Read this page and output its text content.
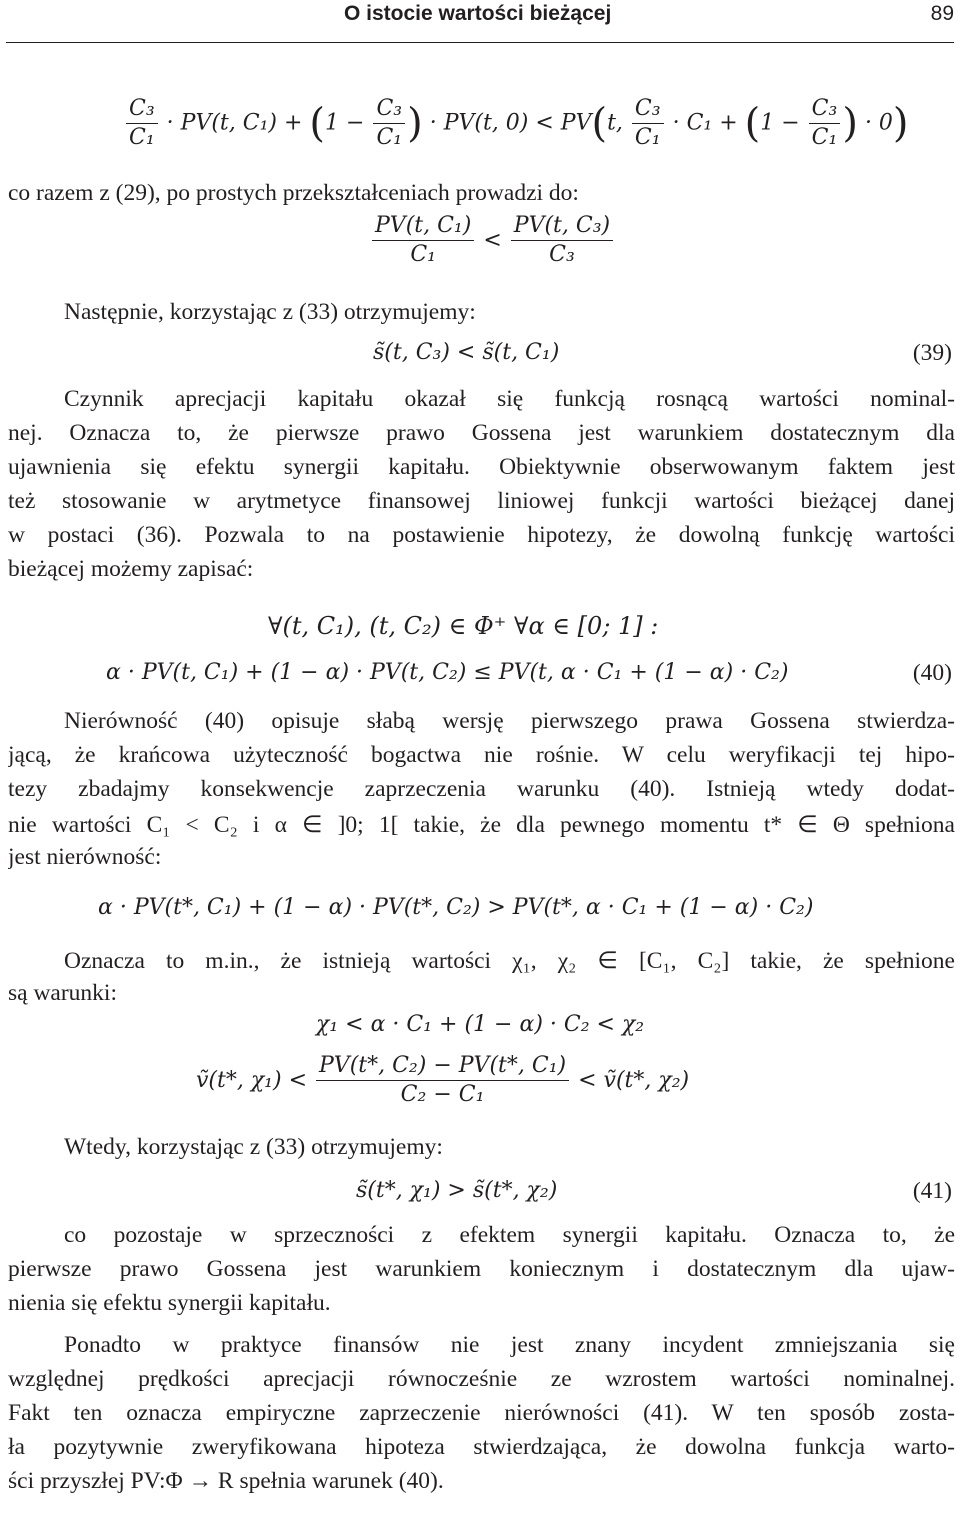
O istocie wartości bieżącej	89
$\frac{\text{C₃}}{\text{C₁}} \cdot PV(t$, $C_1) + (1 - \frac{\text{C₃}}{\text{C₁}}$ ) · PV(t, 0) < PV(t, $\frac{\text{C₃}}{\text{C₁}} \cdot C_1 + (1 - \frac{\text{C₃}}{\text{C₁}}$ ) · 0)
co razem z (29), po prostych przekształceniach prowadzi do:
$\frac{\text{PV(t, C₁)}}{\text{C₁}} < \frac{\text{PV(t, C₃)}}{\text{C₃}}$
Następnie, korzystając z (33) otrzymujemy:
s̃(t, C₃) < s̃(t, C₁)	(39)
Czynnik aprecjacji kapitału okazał się funkcją rosnącą wartości nominal-
nej. Oznacza to, że pierwsze prawo Gossena jest warunkiem dostatecznym dla
ujawnienia się efektu synergii kapitału. Obiektywnie obserwowanym faktem jest
też stosowanie w arytmetyce finansowej liniowej funkcji wartości bieżącej danej
w postaci (36). Pozwala to na postawienie hipotezy, że dowolną funkcję wartości
bieżącej możemy zapisać:
∀(t, C₁), (t, C₂) ∈ Φ⁺ ∀α ∈ [0; 1] :
α · PV(t, C₁) + (1 − α) · PV(t, C₂) ≤ PV(t, α · C₁ + (1 − α) · C₂)	(40)
Nierówność (40) opisuje słabą wersję pierwszego prawa Gossena stwierdza-
jącą, że krańcowa użyteczność bogactwa nie rośnie. W celu weryfikacji tej hipo-
tezy zbadajmy konsekwencje zaprzeczenia warunku (40). Istnieją wtedy dodat-
nie wartości C₁ < C₂ i α ∈ ]0; 1[ takie, że dla pewnego momentu t* ∈ Θ spełniona
jest nierówność:
α · PV(t*, C₁) + (1 − α) · PV(t*, C₂) > PV(t*, α · C₁ + (1 − α) · C₂)
Oznacza to m.in., że istnieją wartości χ₁, χ₂ ∈ [C₁, C₂] takie, że spełnione
są warunki:
χ₁ < α · C₁ + (1 − α) · C₂ < χ₂
ṽ(t*, $\chi_1) < \frac{\text{PV(t*, C₂) − PV(t*, C₁)}}{\text{C₂ − C₁}}$ < ṽ(t*, χ₂)
Wtedy, korzystając z (33) otrzymujemy:
s̃(t*, χ₁) > s̃(t*, χ₂)	(41)
co pozostaje w sprzeczności z efektem synergii kapitału. Oznacza to, że
pierwsze prawo Gossena jest warunkiem koniecznym i dostatecznym dla ujaw-
nienia się efektu synergii kapitału.
Ponadto w praktyce finansów nie jest znany incydent zmniejszania się
względnej prędkości aprecjacji równocześnie ze wzrostem wartości nominalnej.
Fakt ten oznacza empiryczne zaprzeczenie nierówności (41). W ten sposób zosta-
ła pozytywnie zweryfikowana hipoteza stwierdzająca, że dowolna funkcja warto-
ści przyszłej PV:Φ → R spełnia warunek (40).
